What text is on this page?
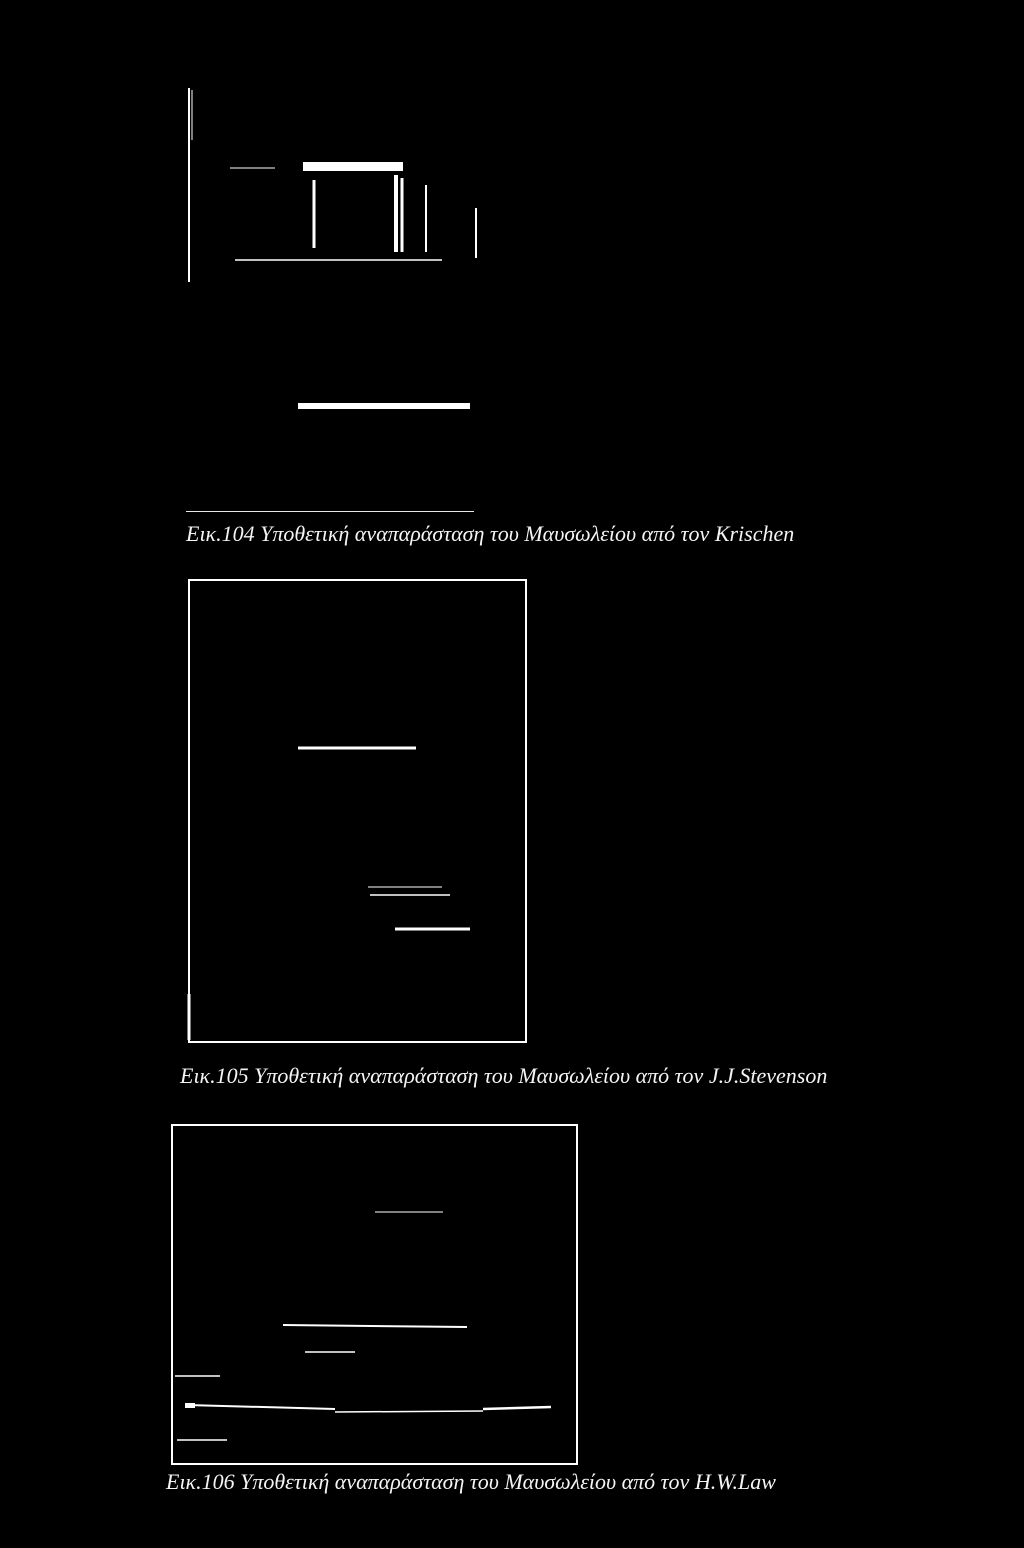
Εικ.104 Υποθετική αναπαράσταση του Μαυσωλείου από τον Krischen
Εικ.105 Υποθετική αναπαράσταση του Μαυσωλείου από τον J.J.Stevenson
Εικ.106 Υποθετική αναπαράσταση του Μαυσωλείου από τον H.W.Law
